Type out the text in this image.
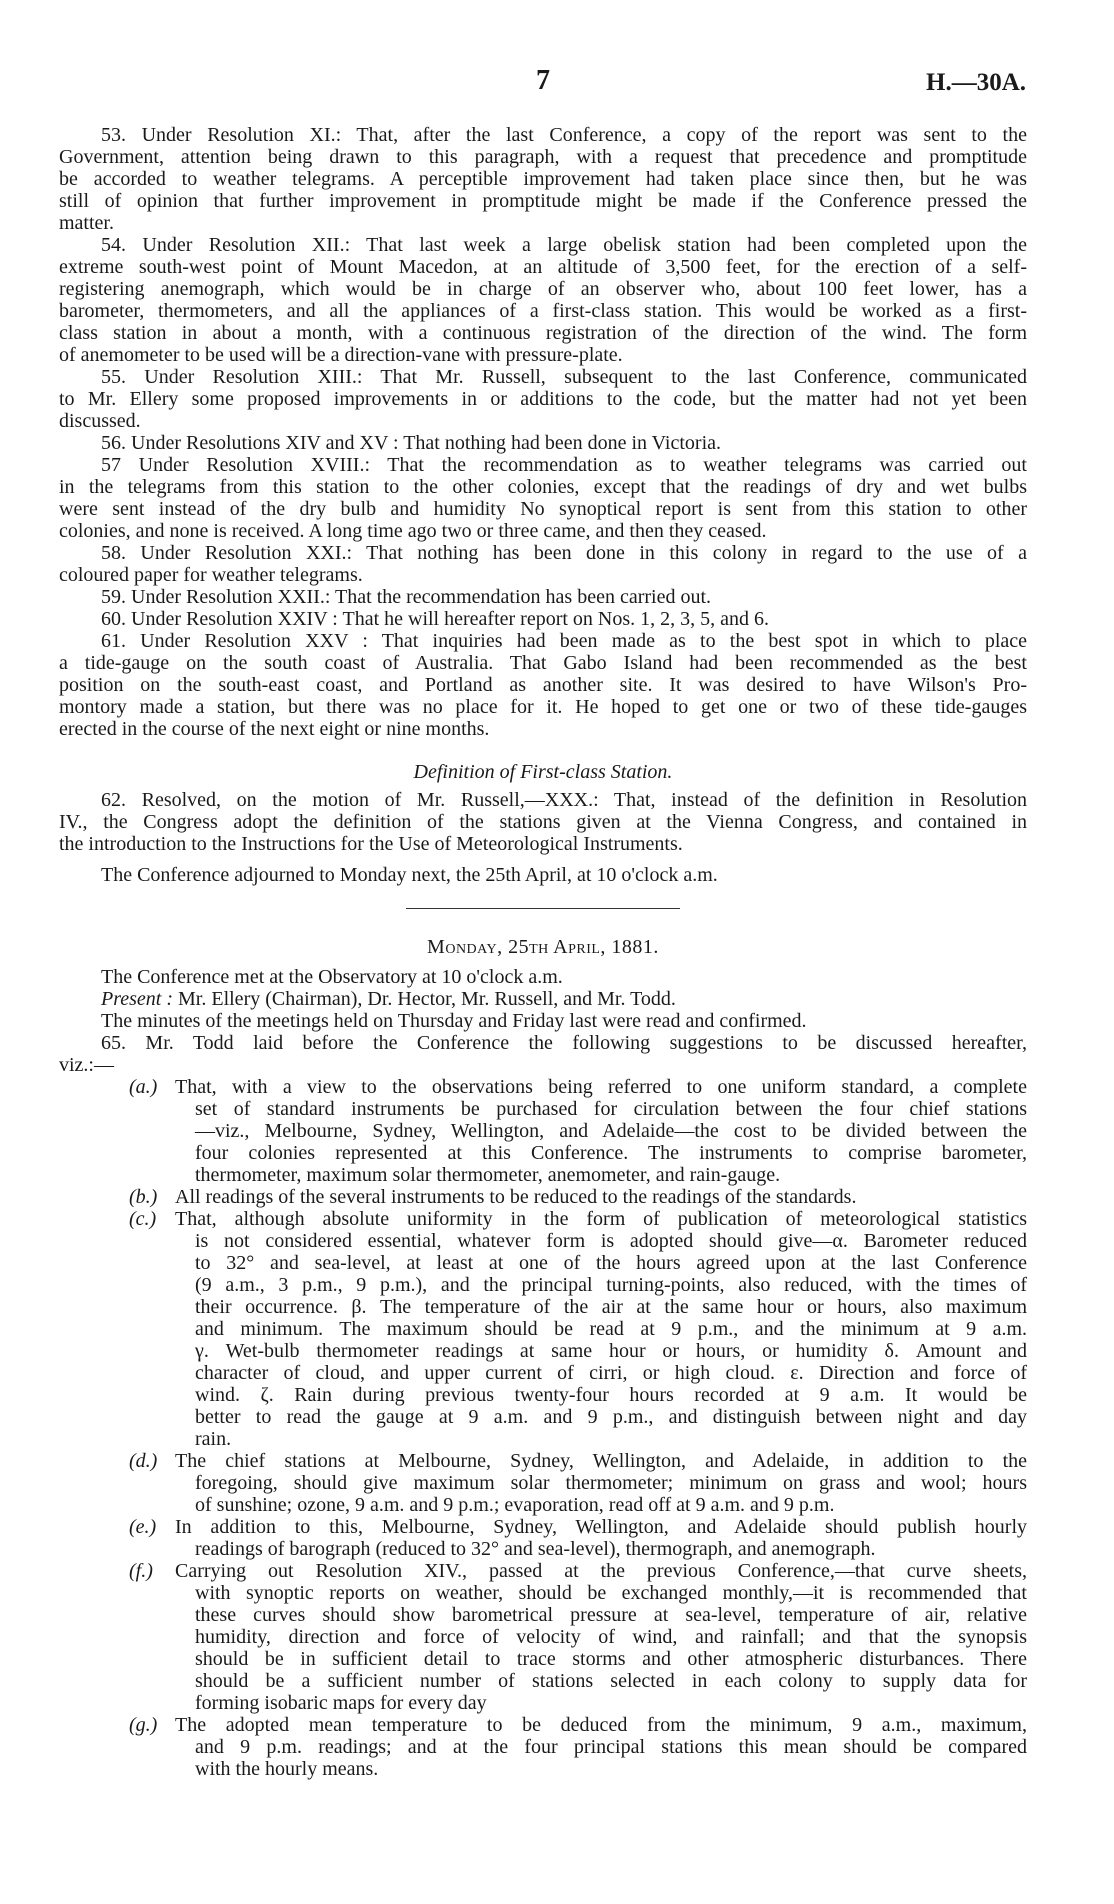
7	H.—30A.
53. Under Resolution XI.: That, after the last Conference, a copy of the report was sent to the
Government, attention being drawn to this paragraph, with a request that precedence and promptitude
be accorded to weather telegrams. A perceptible improvement had taken place since then, but he was
still of opinion that further improvement in promptitude might be made if the Conference pressed the
matter.
54. Under Resolution XII.: That last week a large obelisk station had been completed upon the
extreme south-west point of Mount Macedon, at an altitude of 3,500 feet, for the erection of a self-
registering anemograph, which would be in charge of an observer who, about 100 feet lower, has a
barometer, thermometers, and all the appliances of a first-class station. This would be worked as a first-
class station in about a month, with a continuous registration of the direction of the wind. The form
of anemometer to be used will be a direction-vane with pressure-plate.
55. Under Resolution XIII.: That Mr. Russell, subsequent to the last Conference, communicated
to Mr. Ellery some proposed improvements in or additions to the code, but the matter had not yet been
discussed.
56. Under Resolutions XIV and XV : That nothing had been done in Victoria.
57 Under Resolution XVIII.: That the recommendation as to weather telegrams was carried out
in the telegrams from this station to the other colonies, except that the readings of dry and wet bulbs
were sent instead of the dry bulb and humidity No synoptical report is sent from this station to other
colonies, and none is received. A long time ago two or three came, and then they ceased.
58. Under Resolution XXI.: That nothing has been done in this colony in regard to the use of a
coloured paper for weather telegrams.
59. Under Resolution XXII.: That the recommendation has been carried out.
60. Under Resolution XXIV : That he will hereafter report on Nos. 1, 2, 3, 5, and 6.
61. Under Resolution XXV : That inquiries had been made as to the best spot in which to place
a tide-gauge on the south coast of Australia. That Gabo Island had been recommended as the best
position on the south-east coast, and Portland as another site. It was desired to have Wilson's Pro-
montory made a station, but there was no place for it. He hoped to get one or two of these tide-gauges
erected in the course of the next eight or nine months.
Definition of First-class Station.
62. Resolved, on the motion of Mr. Russell,—XXX.: That, instead of the definition in Resolution
IV., the Congress adopt the definition of the stations given at the Vienna Congress, and contained in
the introduction to the Instructions for the Use of Meteorological Instruments.
The Conference adjourned to Monday next, the 25th April, at 10 o'clock a.m.
Monday, 25th April, 1881.
The Conference met at the Observatory at 10 o'clock a.m.
Present : Mr. Ellery (Chairman), Dr. Hector, Mr. Russell, and Mr. Todd.
The minutes of the meetings held on Thursday and Friday last were read and confirmed.
65. Mr. Todd laid before the Conference the following suggestions to be discussed hereafter,
viz.:—
(a.) That, with a view to the observations being referred to one uniform standard, a complete
set of standard instruments be purchased for circulation between the four chief stations
—viz., Melbourne, Sydney, Wellington, and Adelaide—the cost to be divided between the
four colonies represented at this Conference. The instruments to comprise barometer,
thermometer, maximum solar thermometer, anemometer, and rain-gauge.
(b.) All readings of the several instruments to be reduced to the readings of the standards.
(c.) That, although absolute uniformity in the form of publication of meteorological statistics
is not considered essential, whatever form is adopted should give—α. Barometer reduced
to 32° and sea-level, at least at one of the hours agreed upon at the last Conference
(9 a.m., 3 p.m., 9 p.m.), and the principal turning-points, also reduced, with the times of
their occurrence. β. The temperature of the air at the same hour or hours, also maximum
and minimum. The maximum should be read at 9 p.m., and the minimum at 9 a.m.
γ. Wet-bulb thermometer readings at same hour or hours, or humidity δ. Amount and
character of cloud, and upper current of cirri, or high cloud. ε. Direction and force of
wind. ζ. Rain during previous twenty-four hours recorded at 9 a.m. It would be
better to read the gauge at 9 a.m. and 9 p.m., and distinguish between night and day
rain.
(d.) The chief stations at Melbourne, Sydney, Wellington, and Adelaide, in addition to the
foregoing, should give maximum solar thermometer; minimum on grass and wool; hours
of sunshine; ozone, 9 a.m. and 9 p.m.; evaporation, read off at 9 a.m. and 9 p.m.
(e.) In addition to this, Melbourne, Sydney, Wellington, and Adelaide should publish hourly
readings of barograph (reduced to 32° and sea-level), thermograph, and anemograph.
(f.) Carrying out Resolution XIV., passed at the previous Conference,—that curve sheets,
with synoptic reports on weather, should be exchanged monthly,—it is recommended that
these curves should show barometrical pressure at sea-level, temperature of air, relative
humidity, direction and force of velocity of wind, and rainfall; and that the synopsis
should be in sufficient detail to trace storms and other atmospheric disturbances. There
should be a sufficient number of stations selected in each colony to supply data for
forming isobaric maps for every day
(g.) The adopted mean temperature to be deduced from the minimum, 9 a.m., maximum,
and 9 p.m. readings; and at the four principal stations this mean should be compared
with the hourly means.
